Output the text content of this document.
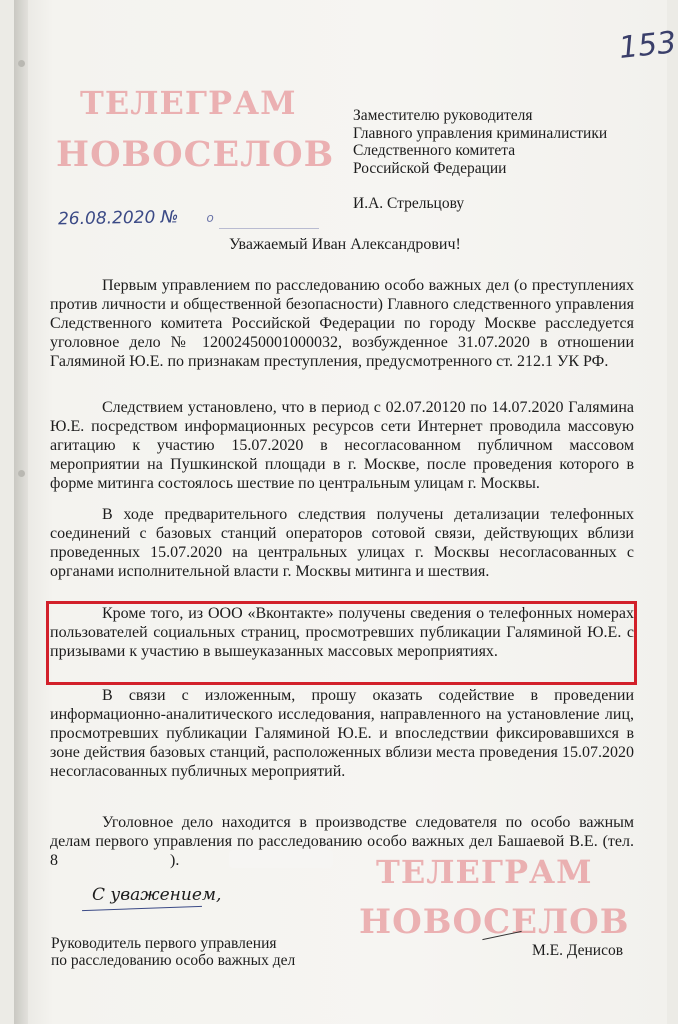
153
ТЕЛЕГРАМ
НОВОСЕЛОВ
Заместителю руководителя
Главного управления криминалистики
Следственного комитета
Российской Федерации
И.А. Стрельцову
26.08.2020 № о
Уважаемый Иван Александрович!

Первым управлением по расследованию особо важных дел (о преступлениях против личности и общественной безопасности) Главного следственного управления Следственного комитета Российской Федерации по городу Москве расследуется уголовное дело № 12002450001000032, возбужденное 31.07.2020 в отношении Галяминой Ю.Е. по признакам преступления, предусмотренного ст. 212.1 УК РФ.

Следствием установлено, что в период с 02.07.20120 по 14.07.2020 Галямина Ю.Е. посредством информационных ресурсов сети Интернет проводила массовую агитацию к участию 15.07.2020 в несогласованном публичном массовом мероприятии на Пушкинской площади в г. Москве, после проведения которого в форме митинга состоялось шествие по центральным улицам г. Москвы.

В ходе предварительного следствия получены детализации телефонных соединений с базовых станций операторов сотовой связи, действующих вблизи проведенных 15.07.2020 на центральных улицах г. Москвы несогласованных с органами исполнительной власти г. Москвы митинга и шествия.

Кроме того, из ООО «Вконтакте» получены сведения о телефонных номерах пользователей социальных страниц, просмотревших публикации Галяминой Ю.Е. с призывами к участию в вышеуказанных массовых мероприятиях.

В связи с изложенным, прошу оказать содействие в проведении информационно-аналитического исследования, направленного на установление лиц, просмотревших публикации Галяминой Ю.Е. и впоследствии фиксировавшихся в зоне действия базовых станций, расположенных вблизи места проведения 15.07.2020 несогласованных публичных мероприятий.

Уголовное дело находится в производстве следователя по особо важным делам первого управления по расследованию особо важных дел Башаевой В.Е. (тел. 8	).	ТЕЛЕГРАМ
НОВОСЕЛОВ
С уважением,
Руководитель первого управления
по расследованию особо важных дел
М.Е. Денисов
